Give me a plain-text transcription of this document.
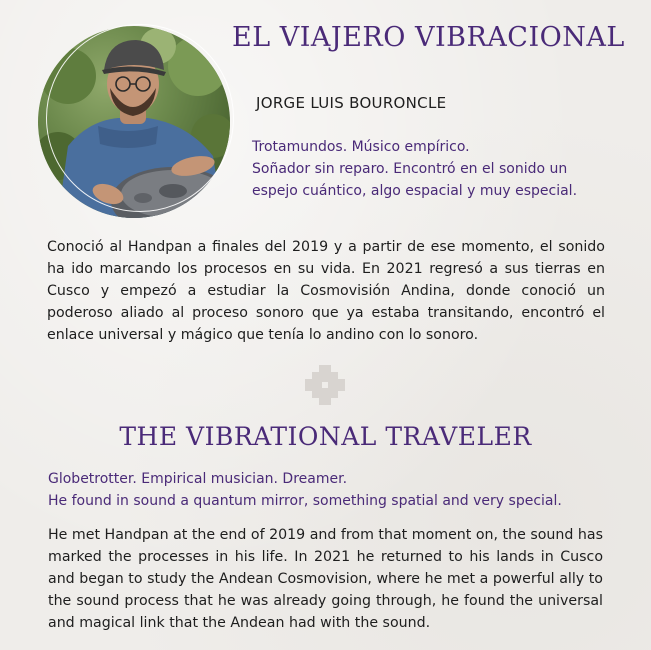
EL VIAJERO VIBRACIONAL
JORGE LUIS BOURONCLE
Trotamundos. Músico empírico.
Soñador sin reparo. Encontró en el sonido un
espejo cuántico, algo espacial y muy especial.
Conoció al Handpan a finales del 2019 y a partir de ese momento, el sonido ha ido marcando los procesos en su vida. En 2021 regresó a sus tierras en Cusco y empezó a estudiar la Cosmovisión Andina, donde conoció un poderoso aliado al proceso sonoro que ya estaba transitando, encontró el enlace universal y mágico que tenía lo andino con lo sonoro.
THE VIBRATIONAL TRAVELER
Globetrotter. Empirical musician. Dreamer.
He found in sound a quantum mirror, something spatial and very special.
He met Handpan at the end of 2019 and from that moment on, the sound has marked the processes in his life. In 2021 he returned to his lands in Cusco and began to study the Andean Cosmovision, where he met a powerful ally to the sound process that he was already going through, he found the universal and magical link that the Andean had with the sound.
